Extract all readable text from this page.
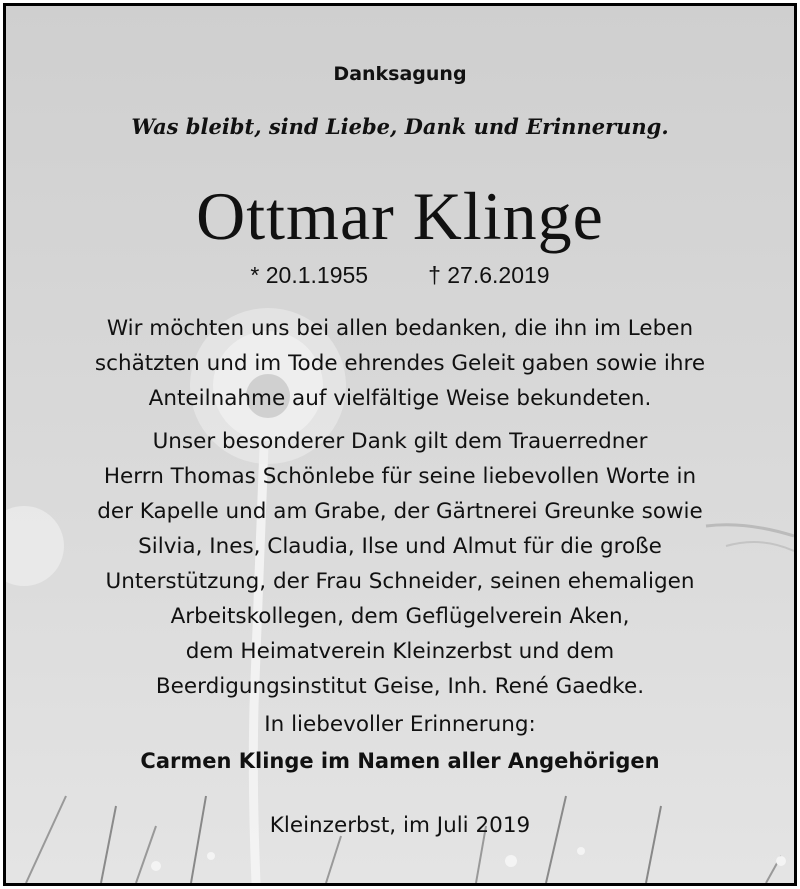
Danksagung
Was bleibt, sind Liebe, Dank und Erinnerung.
Ottmar Klinge
* 20.1.1955	† 27.6.2019
Wir möchten uns bei allen bedanken, die ihn im Leben
schätzten und im Tode ehrendes Geleit gaben sowie ihre
Anteilnahme auf vielfältige Weise bekundeten.
Unser besonderer Dank gilt dem Trauerredner
Herrn Thomas Schönlebe für seine liebevollen Worte in
der Kapelle und am Grabe, der Gärtnerei Greunke sowie
Silvia, Ines, Claudia, Ilse und Almut für die große
Unterstützung, der Frau Schneider, seinen ehemaligen
Arbeitskollegen, dem Geflügelverein Aken,
dem Heimatverein Kleinzerbst und dem
Beerdigungsinstitut Geise, Inh. René Gaedke.
In liebevoller Erinnerung:
Carmen Klinge im Namen aller Angehörigen
Kleinzerbst, im Juli 2019
